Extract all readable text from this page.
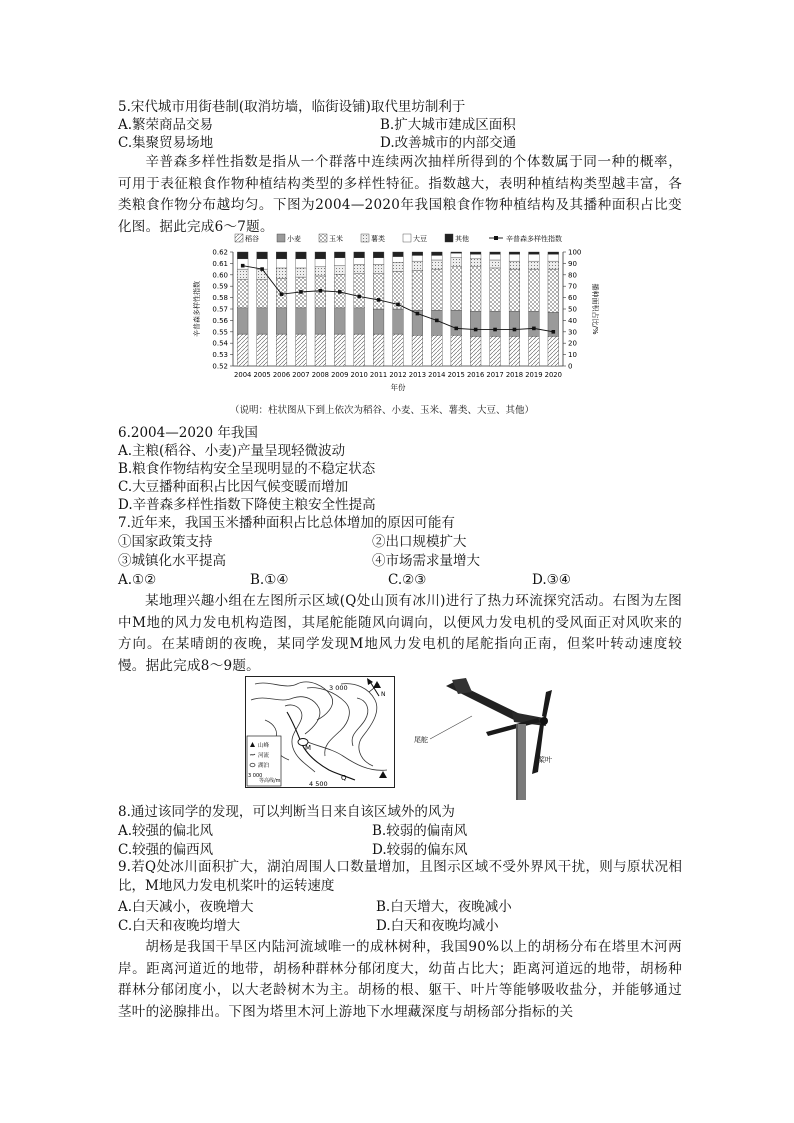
5.宋代城市用街巷制(取消坊墙，临街设铺)取代里坊制利于
A.繁荣商品交易	B.扩大城市建成区面积
C.集聚贸易场地	D.改善城市的内部交通
辛普森多样性指数是指从一个群落中连续两次抽样所得到的个体数属于同一种的概率，可用于表征粮食作物种植结构类型的多样性特征。指数越大，表明种植结构类型越丰富，各类粮食作物分布越均匀。下图为2004—2020年我国粮食作物种植结构及其播种面积占比变化图。据此完成6～7题。
稻谷	小麦	玉米	薯类	大豆	其他	辛普森多样性指数
0.62
0.61
0.60
0.59
0.58
0.57
0.56
0.55
0.54
0.53
0.52
100
90
80
70
60
50
40
30
20
10
0
辛普森多样性指数	播种面积占比/%
年份
2004 2005 2006 2007 2008 2009 2010 2011 2012 2013 2014 2015 2016 2017 2018 2019 2020
（说明：柱状图从下到上依次为稻谷、小麦、玉米、薯类、大豆、其他）
6.2004—2020 年我国
A.主粮(稻谷、小麦)产量呈现轻微波动
B.粮食作物结构安全呈现明显的不稳定状态
C.大豆播种面积占比因气候变暖而增加
D.辛普森多样性指数下降使主粮安全性提高
7.近年来，我国玉米播种面积占比总体增加的原因可能有
①国家政策支持	②出口规模扩大
③城镇化水平提高	④市场需求量增大
A.①②	B.①④	C.②③	D.③④
某地理兴趣小组在左图所示区域(Q处山顶有冰川)进行了热力环流探究活动。右图为左图中M地的风力发电机构造图，其尾舵能随风向调向，以便风力发电机的受风面正对风吹来的方向。在某晴朗的夜晚，某同学发现M地风力发电机的尾舵指向正南，但桨叶转动速度较慢。据此完成8～9题。
N
3 000
4 500
M
Q
山峰
河流
湖泊
3 000
等高线/m
尾舵
桨叶
8.通过该同学的发现，可以判断当日来自该区域外的风为
A.较强的偏北风	B.较弱的偏南风
C.较强的偏西风	D.较弱的偏东风
9.若Q处冰川面积扩大，湖泊周围人口数量增加，且图示区域不受外界风干扰，则与原状况相比，M地风力发电机桨叶的运转速度
A.白天减小，夜晚增大	B.白天增大，夜晚减小
C.白天和夜晚均增大	D.白天和夜晚均减小
胡杨是我国干旱区内陆河流域唯一的成林树种，我国90%以上的胡杨分布在塔里木河两岸。距离河道近的地带，胡杨种群林分郁闭度大，幼苗占比大；距离河道远的地带，胡杨种群林分郁闭度小，以大老龄树木为主。胡杨的根、躯干、叶片等能够吸收盐分，并能够通过茎叶的泌腺排出。下图为塔里木河上游地下水埋藏深度与胡杨部分指标的关
